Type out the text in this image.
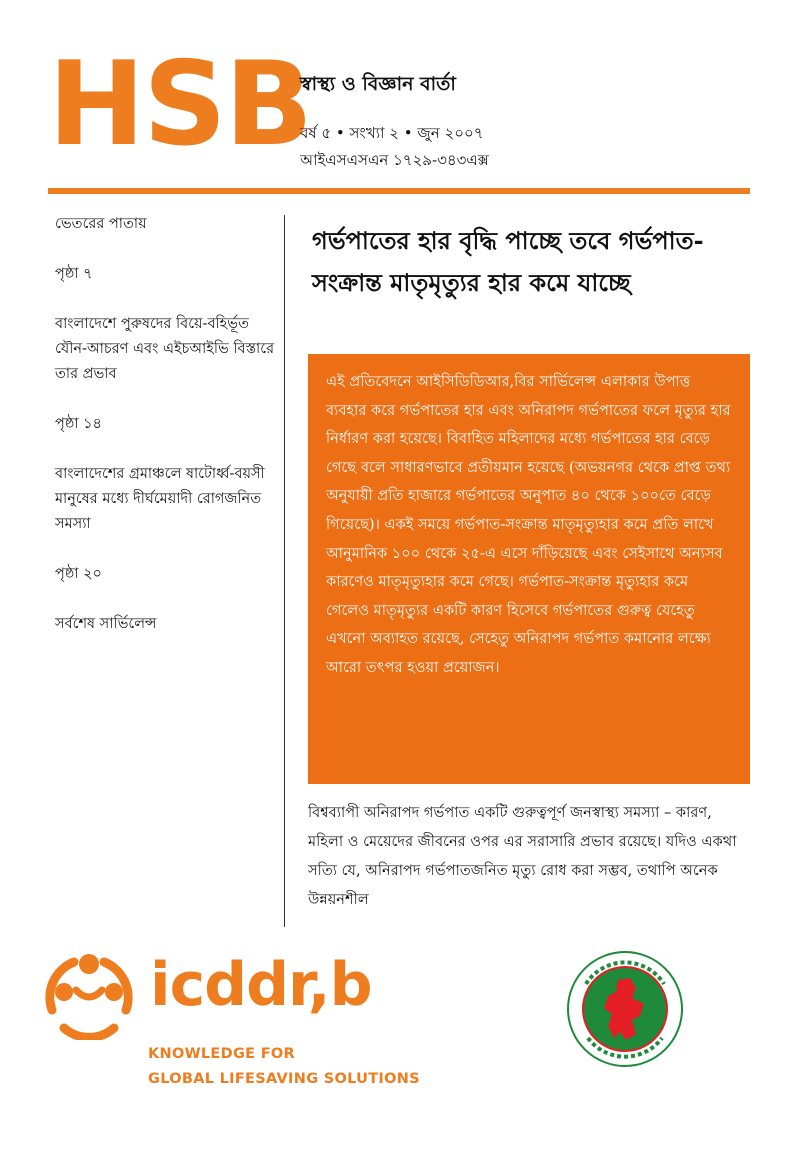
HSB
স্বাস্থ্য ও বিজ্ঞান বার্তা
বর্ষ ৫ • সংখ্যা ২ • জুন ২০০৭
আইএসএসএন ১৭২৯-৩৪৩এক্স
ভেতরের পাতায়
পৃষ্ঠা ৭
বাংলাদেশে পুরুষদের বিয়ে-বহির্ভূত যৌন-আচরণ এবং এইচআইভি বিস্তারে তার প্রভাব
পৃষ্ঠা ১৪
বাংলাদেশের গ্রমাঞ্চলে ষাটোর্ধ্ব-বয়সী মানুষের মধ্যে দীর্ঘমেয়াদী রোগজনিত সমস্যা
পৃষ্ঠা ২০
সর্বশেষ সার্ভিলেন্স
গর্ভপাতের হার বৃদ্ধি পাচ্ছে তবে গর্ভপাত-সংক্রান্ত মাতৃমৃত্যুর হার কমে যাচ্ছে
এই প্রতিবেদনে আইসিডিডিআর,বির সার্ভিলেন্স এলাকার উপাত্ত ব্যবহার করে গর্ভপাতের হার এবং অনিরাপদ গর্ভপাতের ফলে মৃত্যুর হার নির্ধারণ করা হয়েছে। বিবাহিত মহিলাদের মধ্যে গর্ভপাতের হার বেড়ে গেছে বলে সাধারণভাবে প্রতীয়মান হয়েছে (অভয়নগর থেকে প্রাপ্ত তথ্য অনুযায়ী প্রতি হাজারে গর্ভপাতের অনুপাত ৪০ থেকে ১০০তে বেড়ে গিয়েছে)। একই সময়ে গর্ভপাত-সংক্রান্ত মাতৃমৃত্যুহার কমে প্রতি লাখে আনুমানিক ১০০ থেকে ২৫-এ এসে দাঁড়িয়েছে এবং সেইসাথে অন্যসব কারণেও মাতৃমৃত্যুহার কমে গেছে। গর্ভপাত-সংক্রান্ত মৃত্যুহার কমে গেলেও মাতৃমৃত্যুর একটি কারণ হিসেবে গর্ভপাতের গুরুত্ব যেহেতু এখনো অব্যাহত রয়েছে, সেহেতু অনিরাপদ গর্ভপাত কমানোর লক্ষ্যে আরো তৎপর হওয়া প্রয়োজন।
বিশ্বব্যাপী অনিরাপদ গর্ভপাত একটি গুরুত্বপূর্ণ জনস্বাস্থ্য সমস্যা – কারণ, মহিলা ও মেয়েদের জীবনের ওপর এর সরাসারি প্রভাব রয়েছে। যদিও একথা সত্যি যে, অনিরাপদ গর্ভপাতজনিত মৃত্যু রোধ করা সম্ভব, তথাপি অনেক উন্নয়নশীল
icddr,b
KNOWLEDGE FOR
GLOBAL LIFESAVING SOLUTIONS
